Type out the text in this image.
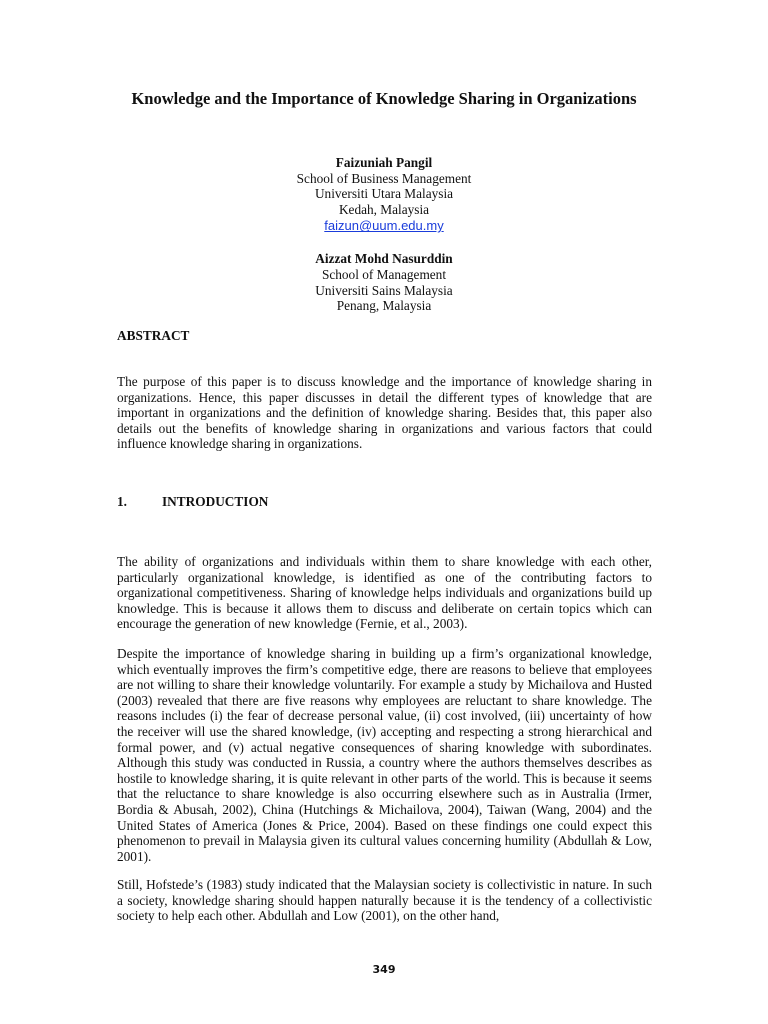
Knowledge and the Importance of Knowledge Sharing in Organizations
Faizuniah Pangil
School of Business Management
Universiti Utara Malaysia
Kedah, Malaysia
faizun@uum.edu.my
Aizzat Mohd Nasurddin
School of Management
Universiti Sains Malaysia
Penang, Malaysia
ABSTRACT

The purpose of this paper is to discuss knowledge and the importance of knowledge sharing in organizations. Hence, this paper discusses in detail the different types of knowledge that are important in organizations and the definition of knowledge sharing. Besides that, this paper also details out the benefits of knowledge sharing in organizations and various factors that could influence knowledge sharing in organizations.

1.	INTRODUCTION

The ability of organizations and individuals within them to share knowledge with each other, particularly organizational knowledge, is identified as one of the contributing factors to organizational competitiveness. Sharing of knowledge helps individuals and organizations build up knowledge. This is because it allows them to discuss and deliberate on certain topics which can encourage the generation of new knowledge (Fernie, et al., 2003).

Despite the importance of knowledge sharing in building up a firm’s organizational knowledge, which eventually improves the firm’s competitive edge, there are reasons to believe that employees are not willing to share their knowledge voluntarily. For example a study by Michailova and Husted (2003) revealed that there are five reasons why employees are reluctant to share knowledge. The reasons includes (i) the fear of decrease personal value, (ii) cost involved, (iii) uncertainty of how the receiver will use the shared knowledge, (iv) accepting and respecting a strong hierarchical and formal power, and (v) actual negative consequences of sharing knowledge with subordinates. Although this study was conducted in Russia, a country where the authors themselves describes as hostile to knowledge sharing, it is quite relevant in other parts of the world. This is because it seems that the reluctance to share knowledge is also occurring elsewhere such as in Australia (Irmer, Bordia & Abusah, 2002), China (Hutchings & Michailova, 2004), Taiwan (Wang, 2004) and the United States of America (Jones & Price, 2004). Based on these findings one could expect this phenomenon to prevail in Malaysia given its cultural values concerning humility (Abdullah & Low, 2001).

Still, Hofstede’s (1983) study indicated that the Malaysian society is collectivistic in nature. In such a society, knowledge sharing should happen naturally because it is the tendency of a collectivistic society to help each other. Abdullah and Low (2001), on the other hand,

349
